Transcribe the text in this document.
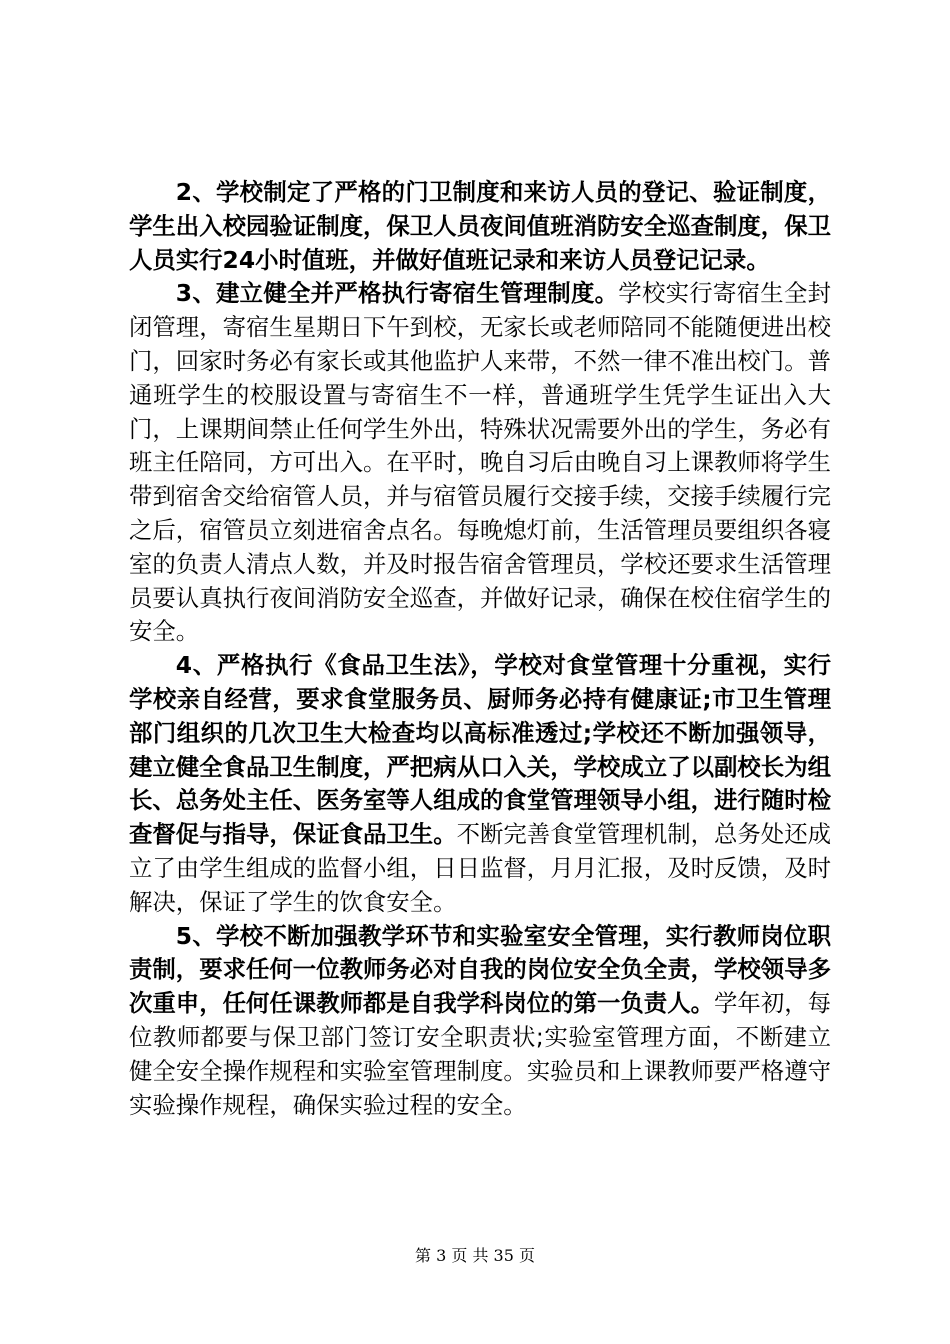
2、学校制定了严格的门卫制度和来访人员的登记、验证制度，学生出入校园验证制度，保卫人员夜间值班消防安全巡查制度，保卫人员实行24小时值班，并做好值班记录和来访人员登记记录。

3、建立健全并严格执行寄宿生管理制度。学校实行寄宿生全封闭管理，寄宿生星期日下午到校，无家长或老师陪同不能随便进出校门，回家时务必有家长或其他监护人来带，不然一律不准出校门。普通班学生的校服设置与寄宿生不一样，普通班学生凭学生证出入大门，上课期间禁止任何学生外出，特殊状况需要外出的学生，务必有班主任陪同，方可出入。在平时，晚自习后由晚自习上课教师将学生带到宿舍交给宿管人员，并与宿管员履行交接手续，交接手续履行完之后，宿管员立刻进宿舍点名。每晚熄灯前，生活管理员要组织各寝室的负责人清点人数，并及时报告宿舍管理员，学校还要求生活管理员要认真执行夜间消防安全巡查，并做好记录，确保在校住宿学生的安全。

4、严格执行《食品卫生法》，学校对食堂管理十分重视，实行学校亲自经营，要求食堂服务员、厨师务必持有健康证;市卫生管理部门组织的几次卫生大检查均以高标准透过;学校还不断加强领导，建立健全食品卫生制度，严把病从口入关，学校成立了以副校长为组长、总务处主任、医务室等人组成的食堂管理领导小组，进行随时检查督促与指导，保证食品卫生。不断完善食堂管理机制，总务处还成立了由学生组成的监督小组，日日监督，月月汇报，及时反馈，及时解决，保证了学生的饮食安全。

5、学校不断加强教学环节和实验室安全管理，实行教师岗位职责制，要求任何一位教师务必对自我的岗位安全负全责，学校领导多次重申，任何任课教师都是自我学科岗位的第一负责人。学年初，每位教师都要与保卫部门签订安全职责状;实验室管理方面，不断建立健全安全操作规程和实验室管理制度。实验员和上课教师要严格遵守实验操作规程，确保实验过程的安全。

第 3 页 共 35 页
